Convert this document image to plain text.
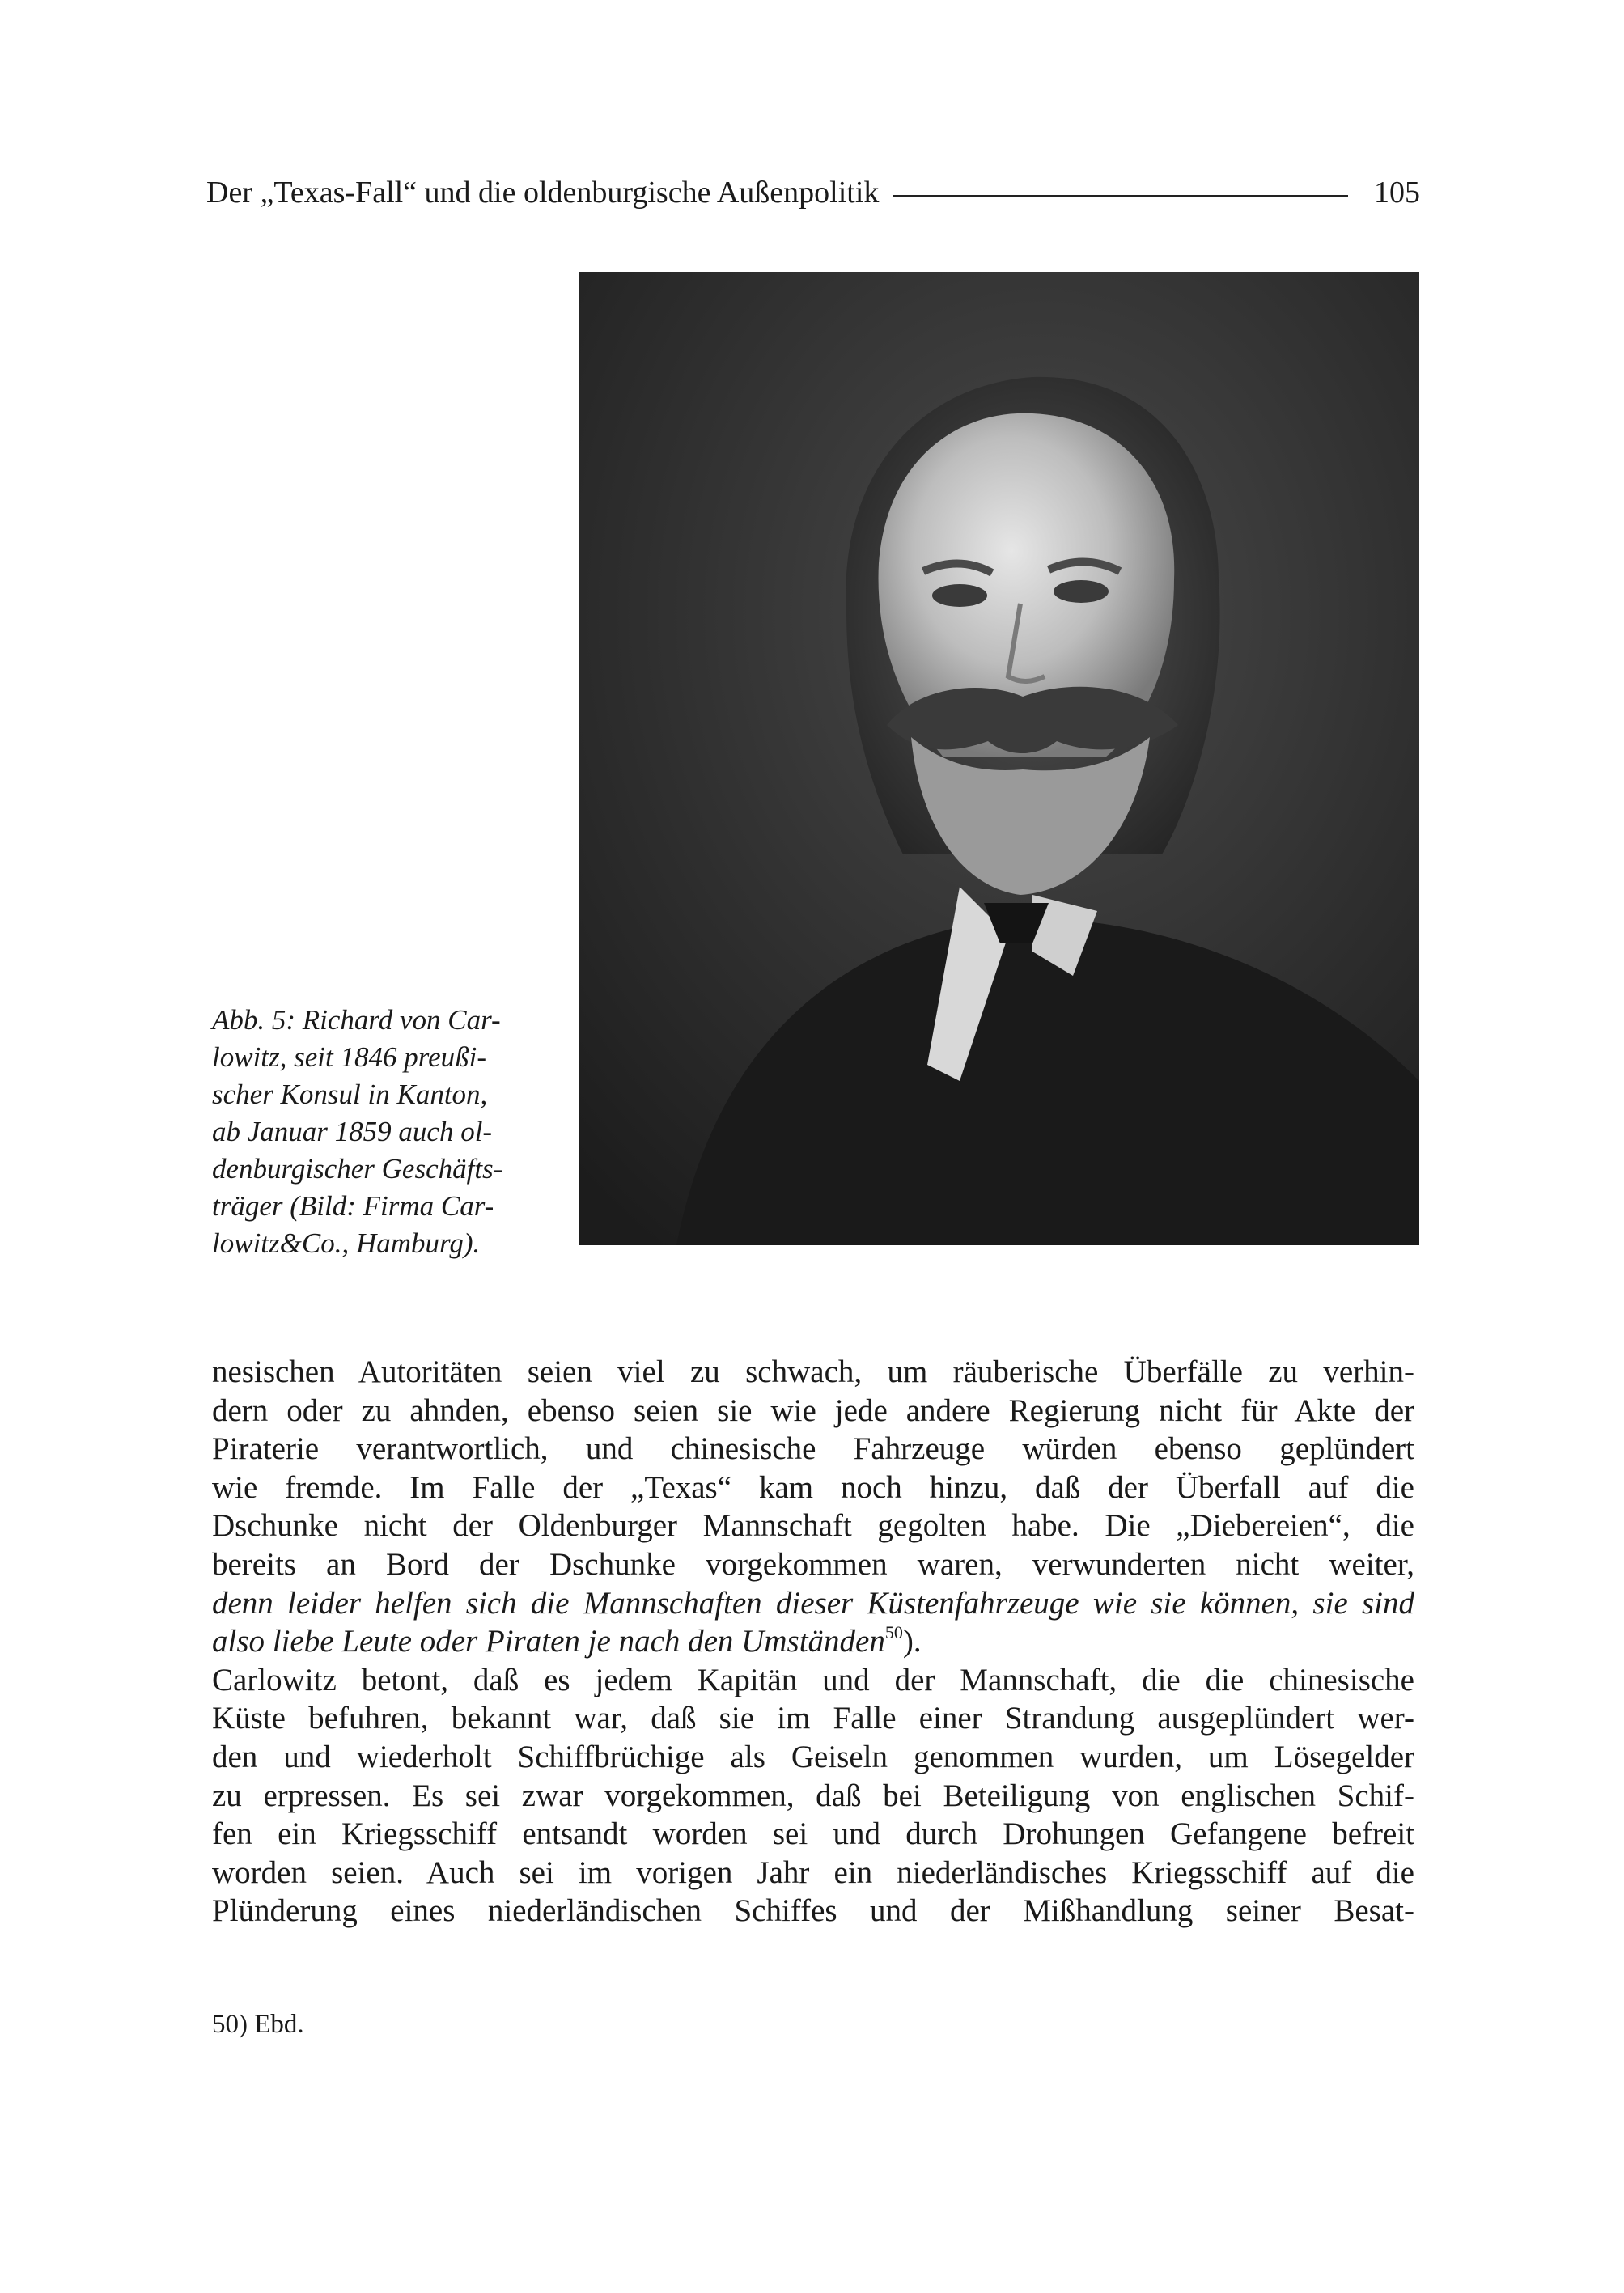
Der „Texas-Fall“ und die oldenburgische Außenpolitik	105
Abb. 5: Richard von Car-
lowitz, seit 1846 preußi-
scher Konsul in Kanton,
ab Januar 1859 auch ol-
denburgischer Geschäfts-
träger (Bild: Firma Car-
lowitz&Co., Hamburg).
nesischen Autoritäten seien viel zu schwach, um räuberische Überfälle zu verhin-
dern oder zu ahnden, ebenso seien sie wie jede andere Regierung nicht für Akte der
Piraterie verantwortlich, und chinesische Fahrzeuge würden ebenso geplündert
wie fremde. Im Falle der „Texas“ kam noch hinzu, daß der Überfall auf die
Dschunke nicht der Oldenburger Mannschaft gegolten habe. Die „Diebereien“, die
bereits an Bord der Dschunke vorgekommen waren, verwunderten nicht weiter,
denn leider helfen sich die Mannschaften dieser Küstenfahrzeuge wie sie können, sie sind
also liebe Leute oder Piraten je nach den Umständen$^{50}$).
Carlowitz betont, daß es jedem Kapitän und der Mannschaft, die die chinesische
Küste befuhren, bekannt war, daß sie im Falle einer Strandung ausgeplündert wer-
den und wiederholt Schiffbrüchige als Geiseln genommen wurden, um Lösegelder
zu erpressen. Es sei zwar vorgekommen, daß bei Beteiligung von englischen Schif-
fen ein Kriegsschiff entsandt worden sei und durch Drohungen Gefangene befreit
worden seien. Auch sei im vorigen Jahr ein niederländisches Kriegsschiff auf die
Plünderung eines niederländischen Schiffes und der Mißhandlung seiner Besat-
50) Ebd.
